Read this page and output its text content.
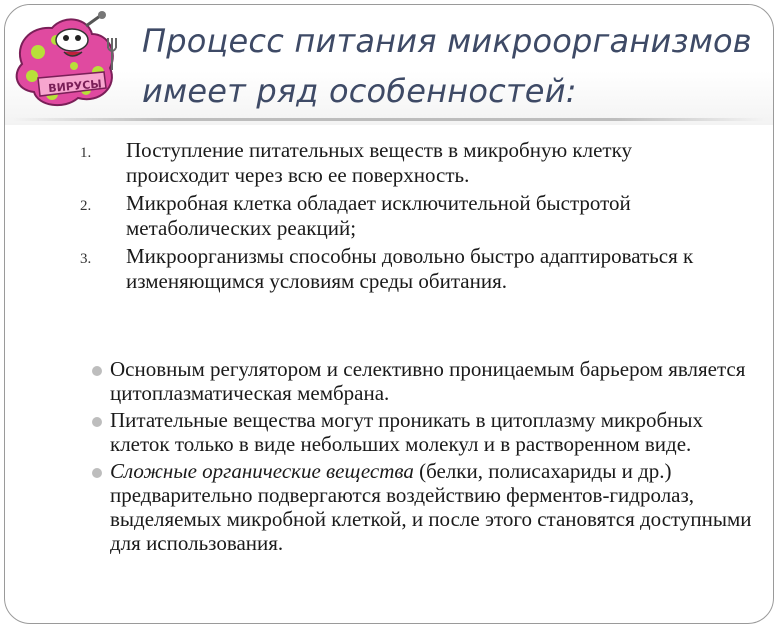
ВИРУСЫ
Процесс питания микроорганизмов
имеет ряд особенностей:
1. Поступление питательных веществ в микробную клетку происходит через всю ее поверхность.
2. Микробная клетка обладает исключительной быстротой метаболических реакций;
3. Микроорганизмы способны довольно быстро адаптироваться к изменяющимся условиям среды обитания.
Основным регулятором и селективно проницаемым барьером является цитоплазматическая мембрана.
Питательные вещества могут проникать в цитоплазму микробных клеток только в виде небольших молекул и в растворенном виде.
Сложные органические вещества (белки, полисахариды и др.) предварительно подвергаются воздействию ферментов-гидролаз, выделяемых микробной клеткой, и после этого становятся доступными для использования.
